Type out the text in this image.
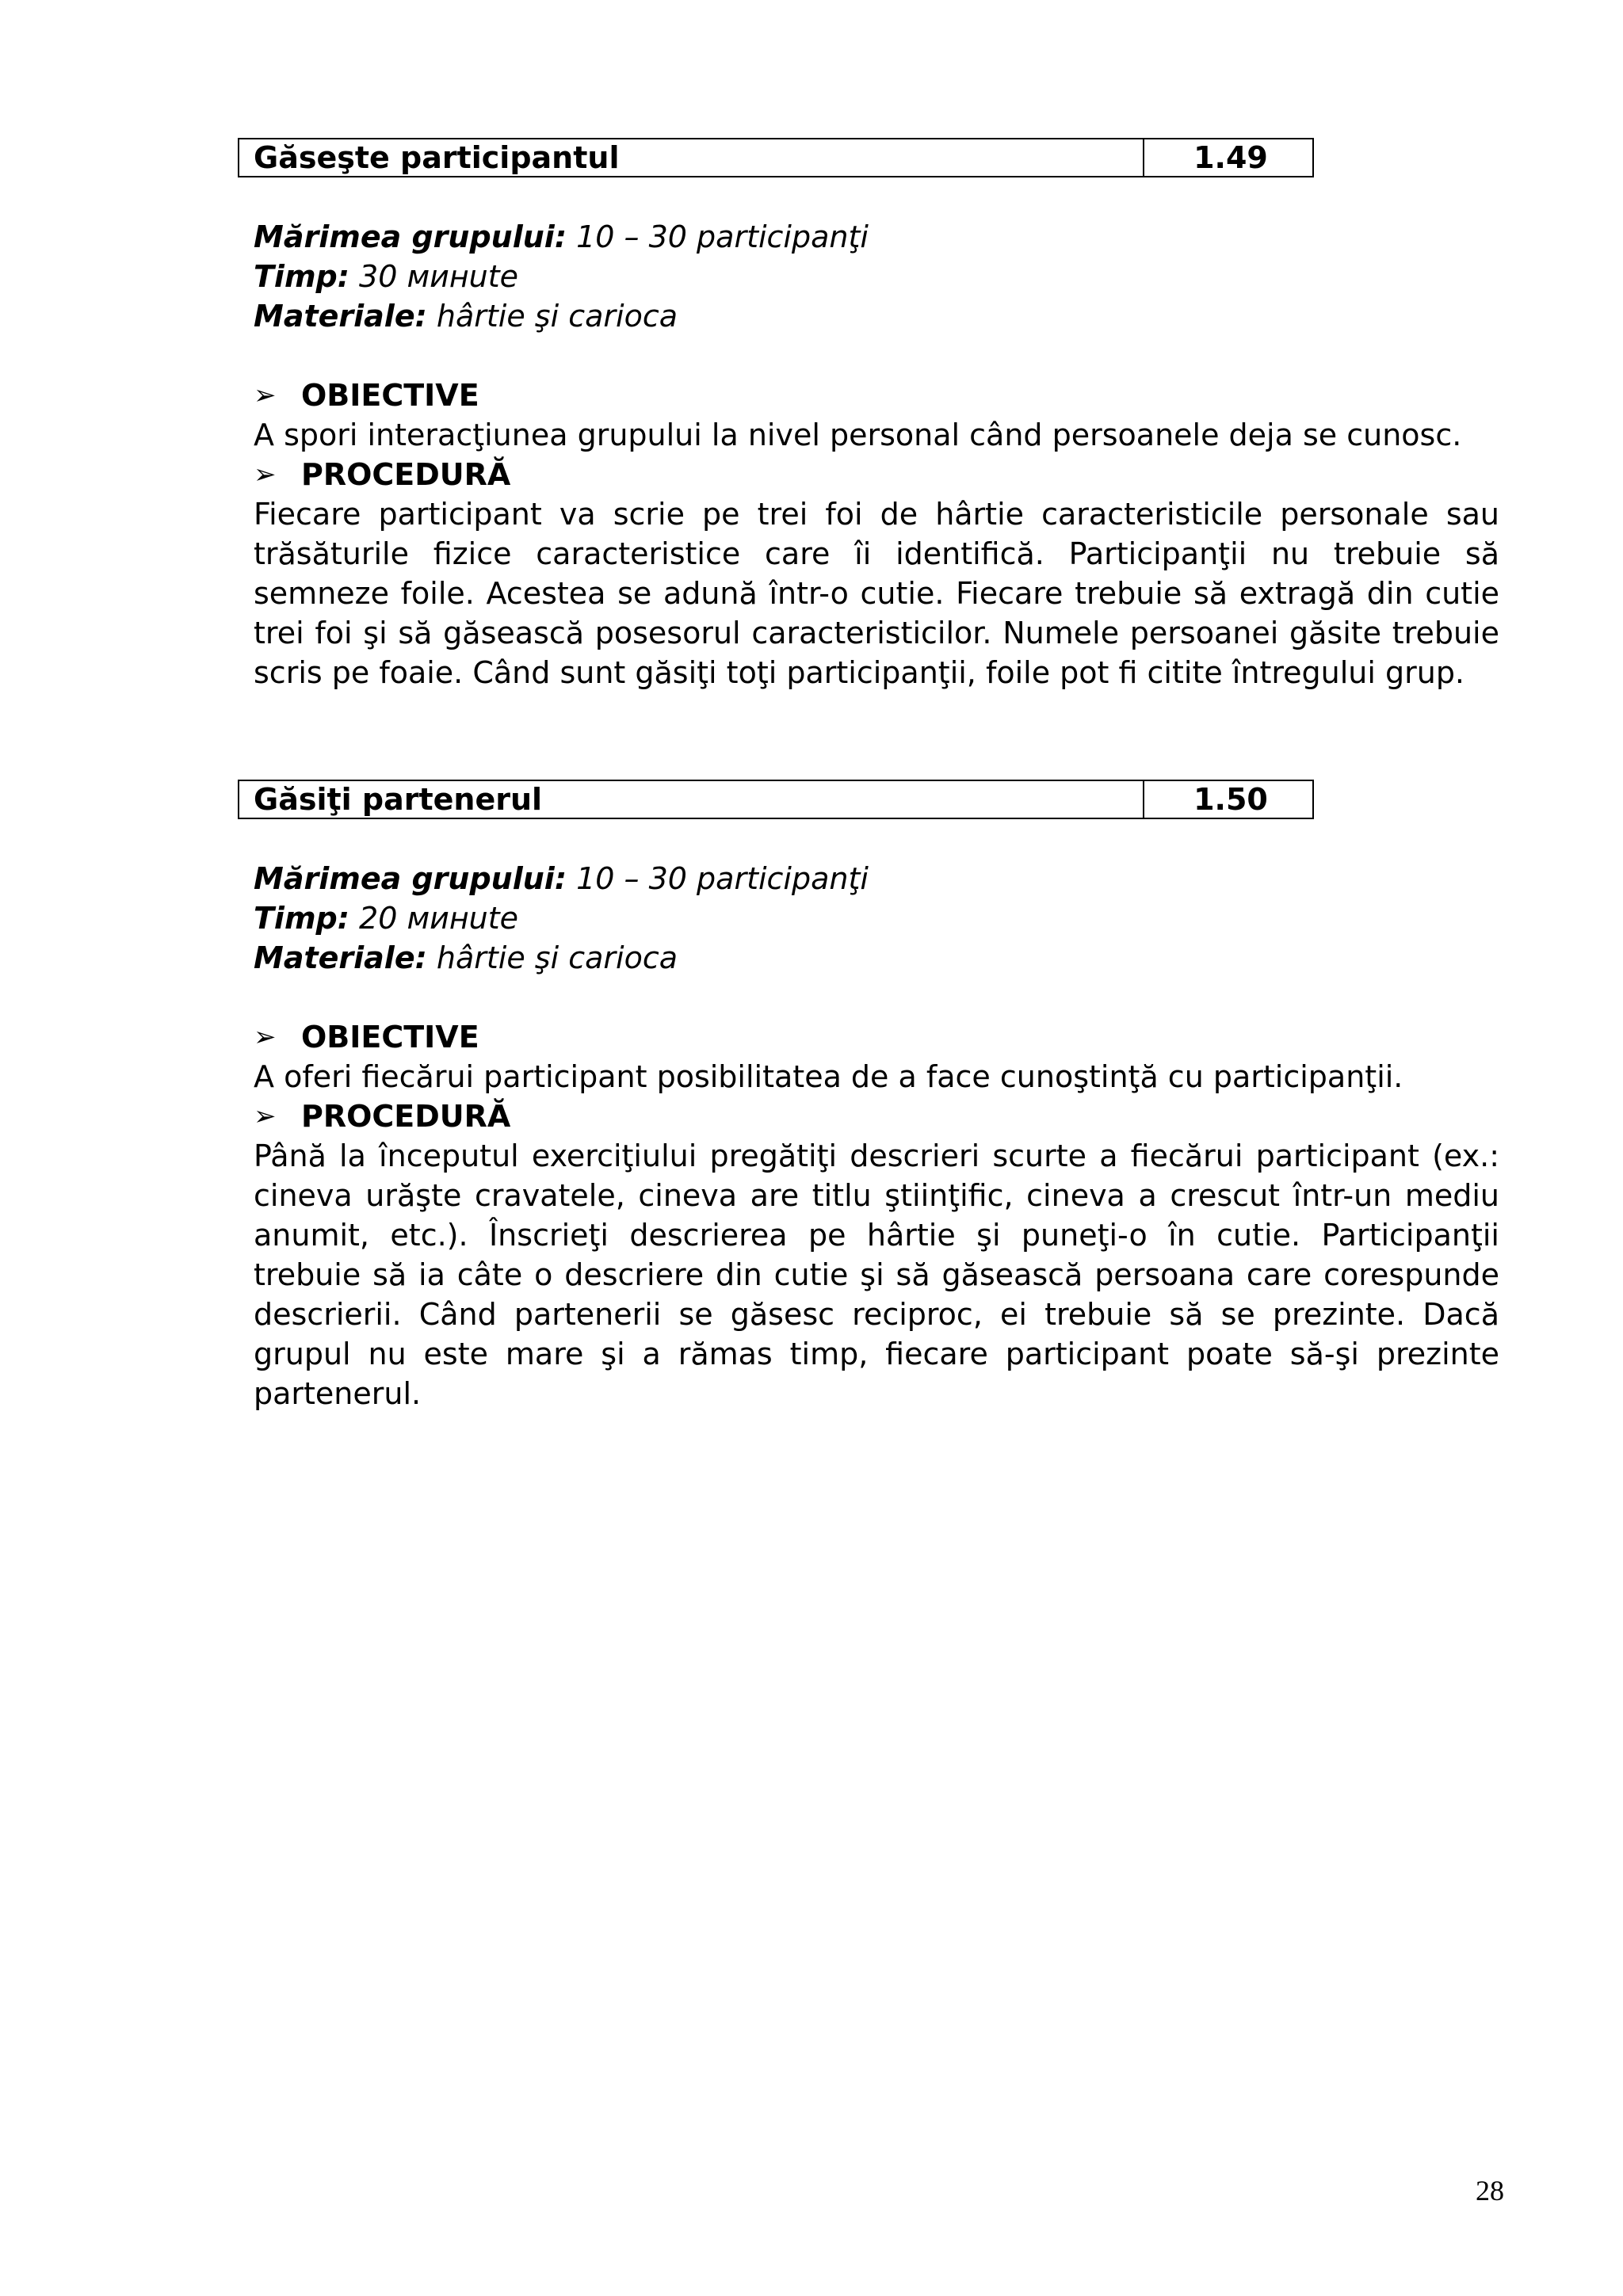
Găseşte participantul	1.49
Mărimea grupului: 10 – 30 participanţi
Timp: 30 минute
Materiale: hârtie şi carioca
➢ OBIECTIVE
A spori interacţiunea grupului la nivel personal când persoanele deja se cunosc.
➢ PROCEDURĂ
Fiecare participant va scrie pe trei foi de hârtie caracteristicile personale sau trăsăturile fizice caracteristice care îi identifică. Participanţii nu trebuie să semneze foile. Acestea se adună într-o cutie. Fiecare trebuie să extragă din cutie trei foi şi să găsească posesorul caracteristicilor. Numele persoanei găsite trebuie scris pe foaie. Când sunt găsiţi toţi participanţii, foile pot fi citite întregului grup.
Găsiţi partenerul	1.50
Mărimea grupului: 10 – 30 participanţi
Timp: 20 минute
Materiale: hârtie şi carioca
➢ OBIECTIVE
A oferi fiecărui participant posibilitatea de a face cunoştinţă cu participanţii.
➢ PROCEDURĂ
Până la începutul exerciţiului pregătiţi descrieri scurte a fiecărui participant (ex.: cineva urăşte cravatele, cineva are titlu ştiinţific, cineva a crescut într-un mediu anumit, etc.). Înscrieţi descrierea pe hârtie şi puneţi-o în cutie. Participanţii trebuie să ia câte o descriere din cutie şi să găsească persoana care corespunde descrierii. Când partenerii se găsesc reciproc, ei trebuie să se prezinte. Dacă grupul nu este mare şi a rămas timp, fiecare participant poate să-şi prezinte partenerul.
28
